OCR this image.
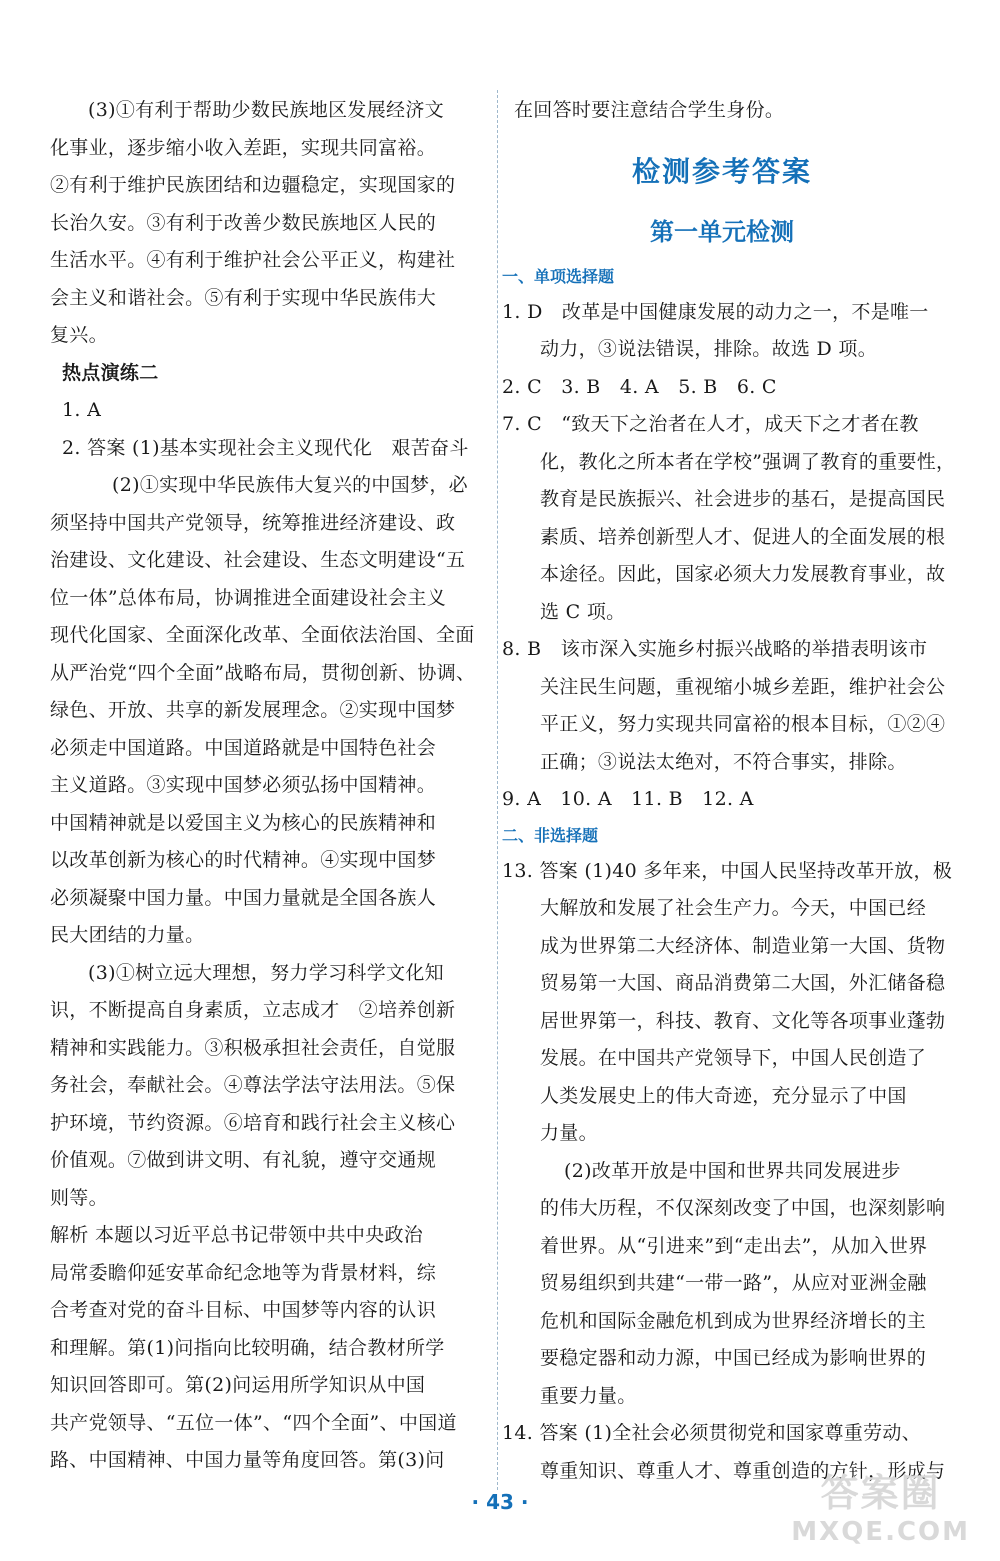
(3)①有利于帮助少数民族地区发展经济文

化事业，逐步缩小收入差距，实现共同富裕。

②有利于维护民族团结和边疆稳定，实现国家的

长治久安。③有利于改善少数民族地区人民的

生活水平。④有利于维护社会公平正义，构建社

会主义和谐社会。⑤有利于实现中华民族伟大

复兴。

热点演练二

1. A

2. 答案 (1)基本实现社会主义现代化　艰苦奋斗

(2)①实现中华民族伟大复兴的中国梦，必

须坚持中国共产党领导，统筹推进经济建设、政

治建设、文化建设、社会建设、生态文明建设“五

位一体”总体布局，协调推进全面建设社会主义

现代化国家、全面深化改革、全面依法治国、全面

从严治党“四个全面”战略布局，贯彻创新、协调、

绿色、开放、共享的新发展理念。②实现中国梦

必须走中国道路。中国道路就是中国特色社会

主义道路。③实现中国梦必须弘扬中国精神。

中国精神就是以爱国主义为核心的民族精神和

以改革创新为核心的时代精神。④实现中国梦

必须凝聚中国力量。中国力量就是全国各族人

民大团结的力量。

(3)①树立远大理想，努力学习科学文化知

识，不断提高自身素质，立志成才　②培养创新

精神和实践能力。③积极承担社会责任，自觉服

务社会，奉献社会。④尊法学法守法用法。⑤保

护环境，节约资源。⑥培育和践行社会主义核心

价值观。⑦做到讲文明、有礼貌，遵守交通规

则等。

解析 本题以习近平总书记带领中共中央政治

局常委瞻仰延安革命纪念地等为背景材料，综

合考查对党的奋斗目标、中国梦等内容的认识

和理解。第(1)问指向比较明确，结合教材所学

知识回答即可。第(2)问运用所学知识从中国

共产党领导、“五位一体”、“四个全面”、中国道

路、中国精神、中国力量等角度回答。第(3)问

在回答时要注意结合学生身份。

检测参考答案
第一单元检测
一、单项选择题

1. D　改革是中国健康发展的动力之一，不是唯一

动力，③说法错误，排除。故选 D 项。

2. C　3. B　4. A　5. B　6. C

7. C　“致天下之治者在人才，成天下之才者在教

化，教化之所本者在学校”强调了教育的重要性，

教育是民族振兴、社会进步的基石，是提高国民

素质、培养创新型人才、促进人的全面发展的根

本途径。因此，国家必须大力发展教育事业，故

选 C 项。

8. B　该市深入实施乡村振兴战略的举措表明该市

关注民生问题，重视缩小城乡差距，维护社会公

平正义，努力实现共同富裕的根本目标，①②④

正确；③说法太绝对，不符合事实，排除。

9. A　10. A　11. B　12. A

二、非选择题

13. 答案 (1)40 多年来，中国人民坚持改革开放，极

大解放和发展了社会生产力。今天，中国已经

成为世界第二大经济体、制造业第一大国、货物

贸易第一大国、商品消费第二大国，外汇储备稳

居世界第一，科技、教育、文化等各项事业蓬勃

发展。在中国共产党领导下，中国人民创造了

人类发展史上的伟大奇迹，充分显示了中国

力量。

(2)改革开放是中国和世界共同发展进步

的伟大历程，不仅深刻改变了中国，也深刻影响

着世界。从“引进来”到“走出去”，从加入世界

贸易组织到共建“一带一路”，从应对亚洲金融

危机和国际金融危机到成为世界经济增长的主

要稳定器和动力源，中国已经成为影响世界的

重要力量。

14. 答案 (1)全社会必须贯彻党和国家尊重劳动、

尊重知识、尊重人才、尊重创造的方针，形成与

· 43 ·	答案圈
MXQE.COM
